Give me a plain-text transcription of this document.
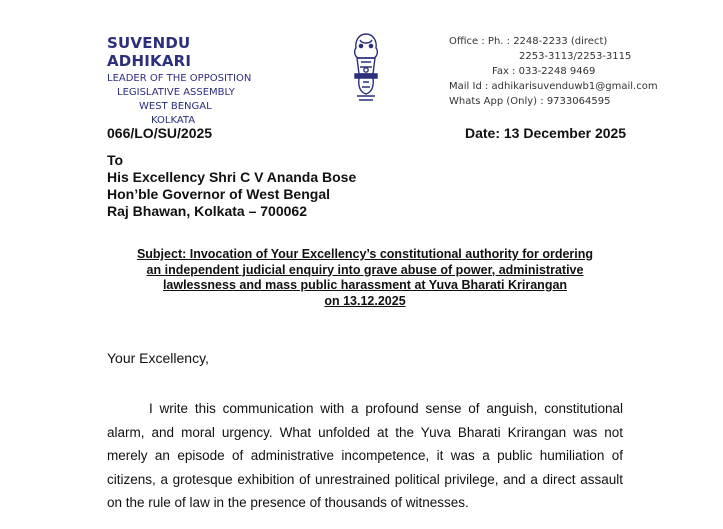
SUVENDU ADHIKARI
LEADER OF THE OPPOSITION
LEGISLATIVE ASSEMBLY
WEST BENGAL
KOLKATA
Office : Ph. : 2248-2233 (direct)
2253-3113/2253-3115
Fax : 033-2248 9469
Mail Id : adhikarisuvenduwb1@gmail.com
Whats App (Only) : 9733064595
066/LO/SU/2025	Date: 13 December 2025
To
His Excellency Shri C V Ananda Bose
Hon’ble Governor of West Bengal
Raj Bhawan, Kolkata – 700062
Subject: Invocation of Your Excellency’s constitutional authority for ordering
an independent judicial enquiry into grave abuse of power, administrative
lawlessness and mass public harassment at Yuva Bharati Krirangan
on 13.12.2025
Your Excellency,
I write this communication with a profound sense of anguish, constitutional alarm, and moral urgency. What unfolded at the Yuva Bharati Krirangan was not merely an episode of administrative incompetence, it was a public humiliation of citizens, a grotesque exhibition of unrestrained political privilege, and a direct assault on the rule of law in the presence of thousands of witnesses.
